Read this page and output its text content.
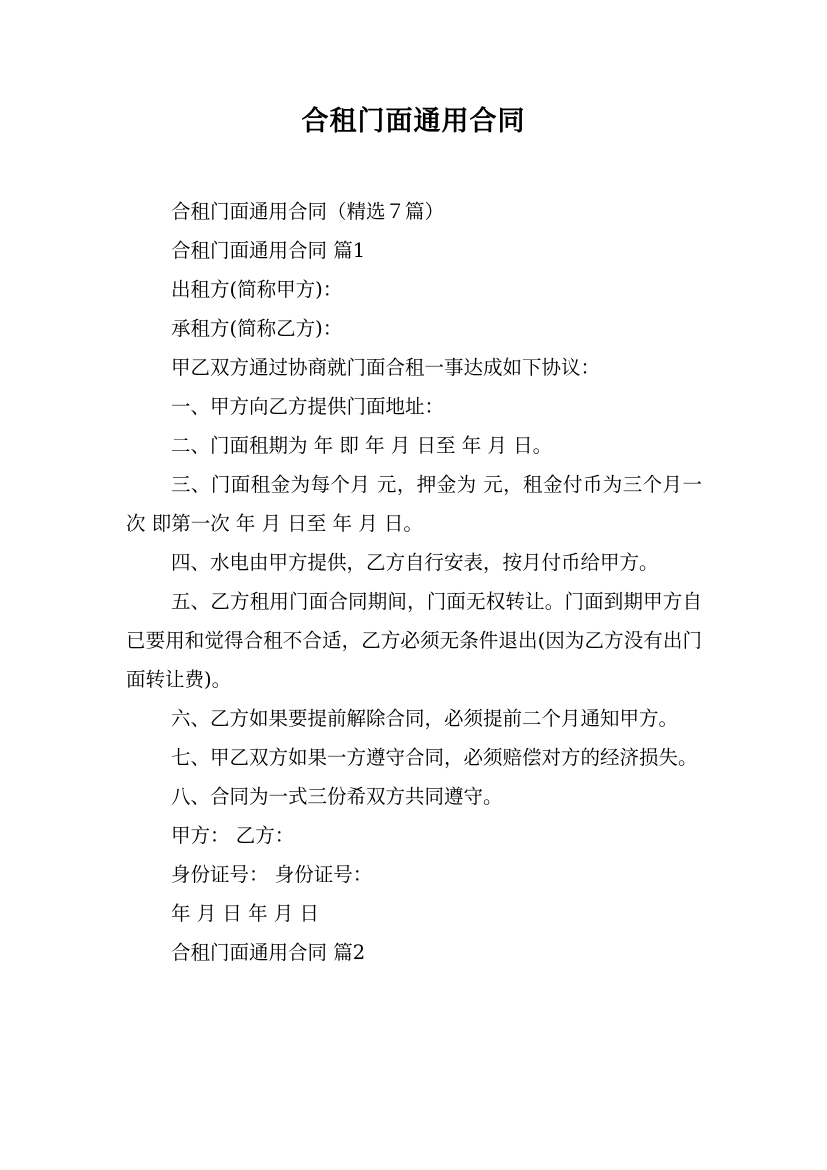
合租门面通用合同

合租门面通用合同（精选７篇）

合租门面通用合同 篇1

出租方(简称甲方)：

承租方(简称乙方)：

甲乙双方通过协商就门面合租一事达成如下协议：

一、甲方向乙方提供门面地址：

二、门面租期为 年 即 年 月 日至 年 月 日。

三、门面租金为每个月 元，押金为 元，租金付币为三个月一次 即第一次 年 月 日至 年 月 日。

四、水电由甲方提供，乙方自行安表，按月付币给甲方。

五、乙方租用门面合同期间，门面无权转让。门面到期甲方自已要用和觉得合租不合适，乙方必须无条件退出(因为乙方没有出门面转让费)。

六、乙方如果要提前解除合同，必须提前二个月通知甲方。

七、甲乙双方如果一方遵守合同，必须赔偿对方的经济损失。

八、合同为一式三份希双方共同遵守。

甲方： 乙方：

身份证号： 身份证号：

年 月 日 年 月 日

合租门面通用合同 篇2
